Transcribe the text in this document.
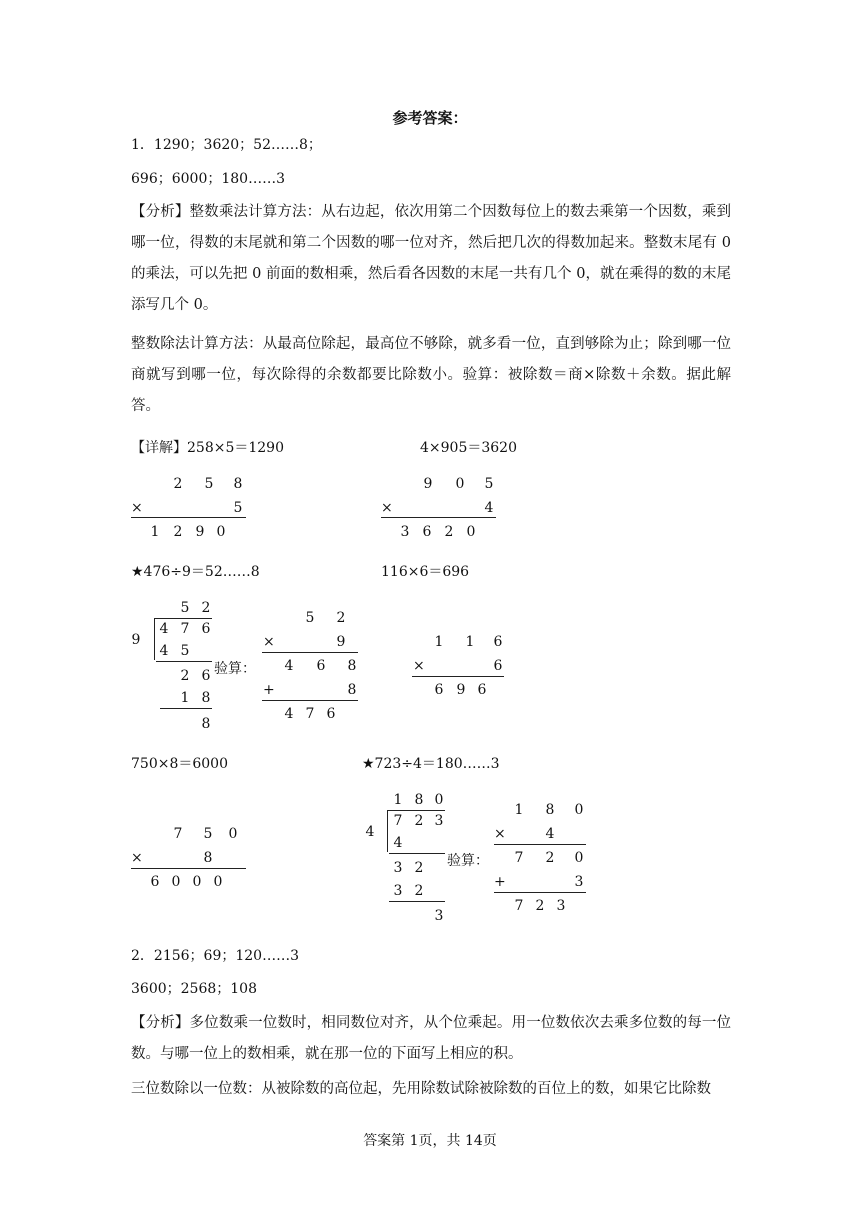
参考答案：
1．1290；3620；52……8；
696；6000；180……3
【分析】整数乘法计算方法：从右边起，依次用第二个因数每位上的数去乘第一个因数，乘到哪一位，得数的末尾就和第二个因数的哪一位对齐，然后把几次的得数加起来。整数末尾有 0 的乘法，可以先把 0 前面的数相乘，然后看各因数的末尾一共有几个 0，就在乘得的数的末尾添写几个 0。
整数除法计算方法：从最高位除起，最高位不够除，就多看一位，直到够除为止；除到哪一位商就写到哪一位，每次除得的余数都要比除数小。验算：被除数＝商×除数＋余数。据此解答。
【详解】258×5＝1290	4×905＝3620
2 5 8
×	5
1 2 9 0
9 0 5
×	4
3 6 2 0
★476÷9＝52……8	116×6＝696
5 2
9
4 7 6
4 5
2 6
1 8
8
验算：
5 2
×	9
4 6 8
+	8
4 7 6
1 1 6
×	6
6 9 6
750×8＝6000	★723÷4＝180……3
7 5 0
×	8
6 0 0 0
1 8 0
4
7 2 3
4
3 2
3 2
3
验算：
1 8 0
×	4
7 2 0
+	3
7 2 3
2．2156；69；120……3
3600；2568；108
【分析】多位数乘一位数时，相同数位对齐，从个位乘起。用一位数依次去乘多位数的每一位数。与哪一位上的数相乘，就在那一位的下面写上相应的积。
三位数除以一位数：从被除数的高位起，先用除数试除被除数的百位上的数，如果它比除数
答案第 1页，共 14页
